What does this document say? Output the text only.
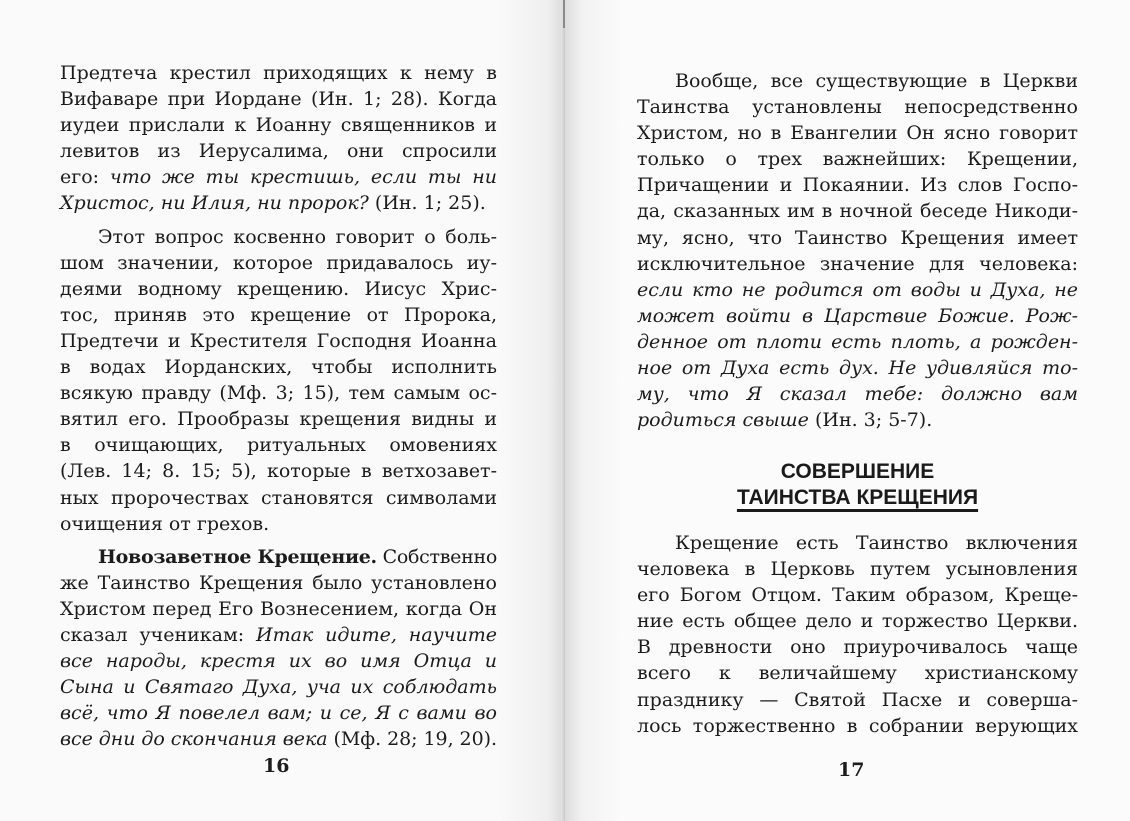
Предтеча крестил приходящих к нему в
Вифаваре при Иордане (Ин. 1; 28). Когда
иудеи прислали к Иоанну священников и
левитов из Иерусалима, они спросили
его: что же ты крестишь, если ты ни
Христос, ни Илия, ни пророк? (Ин. 1; 25).
Этот вопрос косвенно говорит о боль-
шом значении, которое придавалось иу-
деями водному крещению. Иисус Хрис-
тос, приняв это крещение от Пророка,
Предтечи и Крестителя Господня Иоанна
в водах Иорданских, чтобы исполнить
всякую правду (Мф. 3; 15), тем самым ос-
вятил его. Прообразы крещения видны и
в очищающих, ритуальных омовениях
(Лев. 14; 8. 15; 5), которые в ветхозавет-
ных пророчествах становятся символами
очищения от грехов.
Новозаветное Крещение. Собственно
же Таинство Крещения было установлено
Христом перед Его Вознесением, когда Он
сказал ученикам: Итак идите, научите
все народы, крестя их во имя Отца и
Сына и Святаго Духа, уча их соблюдать
всё, что Я повелел вам; и се, Я с вами во
все дни до скончания века (Мф. 28; 19, 20).
16
Вообще, все существующие в Церкви
Таинства установлены непосредственно
Христом, но в Евангелии Он ясно говорит
только о трех важнейших: Крещении,
Причащении и Покаянии. Из слов Госпо-
да, сказанных им в ночной беседе Никоди-
му, ясно, что Таинство Крещения имеет
исключительное значение для человека:
если кто не родится от воды и Духа, не
может войти в Царствие Божие. Рож-
денное от плоти есть плоть, а рожден-
ное от Духа есть дух. Не удивляйся то-
му, что Я сказал тебе: должно вам
родиться свыше (Ин. 3; 5-7).
СОВЕРШЕНИЕ
ТАИНСТВА КРЕЩЕНИЯ
Крещение есть Таинство включения
человека в Церковь путем усыновления
его Богом Отцом. Таким образом, Креще-
ние есть общее дело и торжество Церкви.
В древности оно приурочивалось чаще
всего к величайшему христианскому
празднику — Святой Пасхе и соверша-
лось торжественно в собрании верующих
17
